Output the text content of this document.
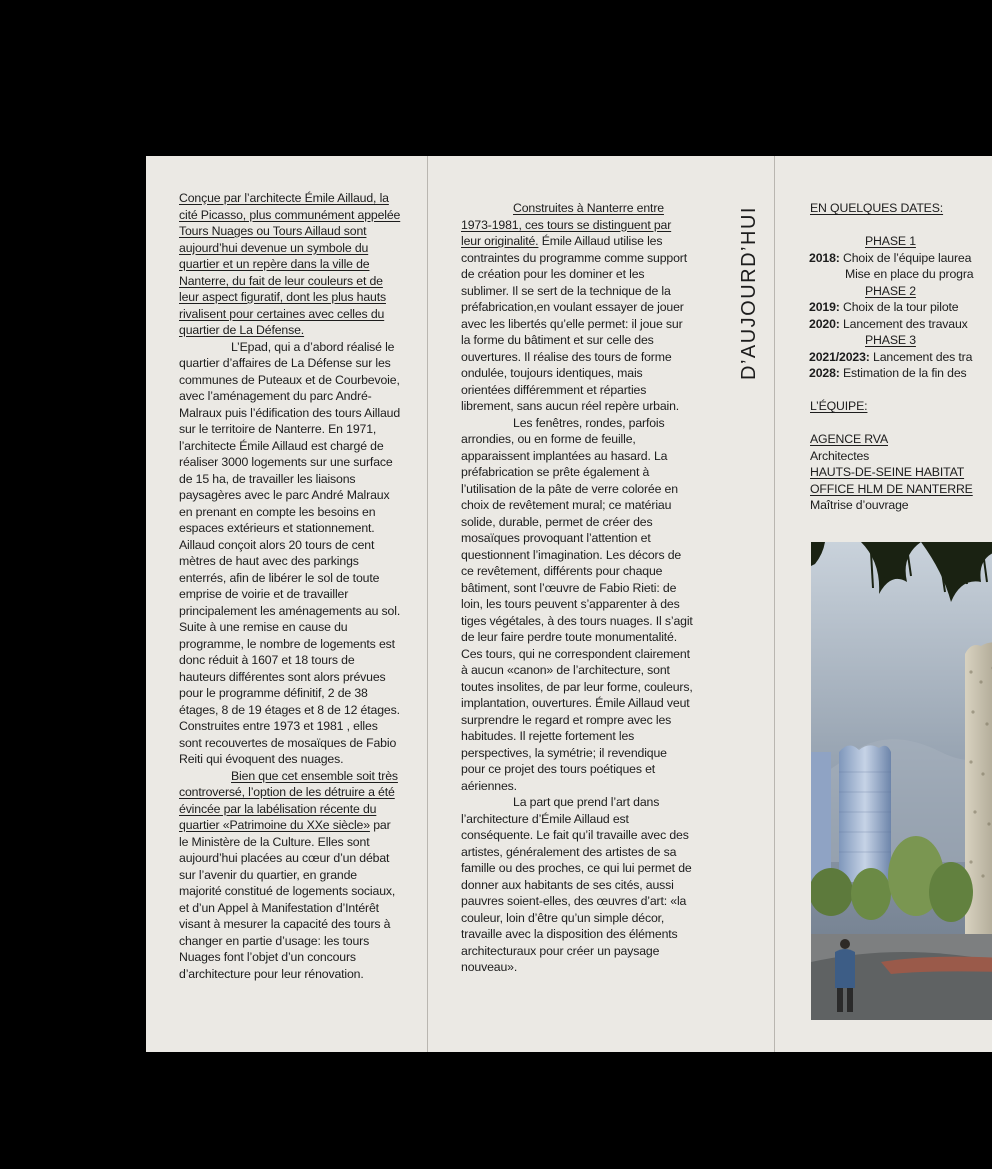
Conçue par l’architecte Émile Aillaud, la cité Picasso, plus communément appelée Tours Nuages ou Tours Aillaud sont aujourd’hui devenue un symbole du quartier et un repère dans la ville de Nanterre, du fait de leur couleurs et de leur aspect figuratif, dont les plus hauts rivalisent pour certaines avec celles du quartier de La Défense.

L’Epad, qui a d’abord réalisé le quartier d’affaires de La Défense sur les communes de Puteaux et de Courbevoie, avec l’aménagement du parc André-Malraux puis l’édification des tours Aillaud sur le territoire de Nanterre. En 1971, l’architecte Émile Aillaud est chargé de réaliser 3000 logements sur une surface de 15 ha, de travailler les liaisons paysagères avec le parc André Malraux en prenant en compte les besoins en espaces extérieurs et stationnement. Aillaud conçoit alors 20 tours de cent mètres de haut avec des parkings enterrés, afin de libérer le sol de toute emprise de voirie et de travailler principalement les aménagements au sol. Suite à une remise en cause du programme, le nombre de logements est donc réduit à 1607 et 18 tours de hauteurs différentes sont alors prévues pour le programme définitif, 2 de 38 étages, 8 de 19 étages et 8 de 12 étages. Construites entre 1973 et 1981 , elles sont recouvertes de mosaïques de Fabio Reiti qui évoquent des nuages.

Bien que cet ensemble soit très controversé, l’option de les détruire a été évincée par la labélisation récente du quartier «Patrimoine du XXe siècle» par le Ministère de la Culture. Elles sont aujourd’hui placées au cœur d’un débat sur l’avenir du quartier, en grande majorité constitué de logements sociaux, et d’un Appel à Manifestation d’Intérêt visant à mesurer la capacité des tours à changer en partie d’usage: les tours Nuages font l’objet d’un concours d’architecture pour leur rénovation.

Construites à Nanterre entre 1973-1981, ces tours se distinguent par leur originalité. Émile Aillaud utilise les contraintes du programme comme support de création pour les dominer et les sublimer. Il se sert de la technique de la préfabrication,en voulant essayer de jouer avec les libertés qu’elle permet: il joue sur la forme du bâtiment et sur celle des ouvertures. Il réalise des tours de forme ondulée, toujours identiques, mais orientées différemment et réparties librement, sans aucun réel repère urbain.

Les fenêtres, rondes, parfois arrondies, ou en forme de feuille, apparaissent implantées au hasard. La préfabrication se prête également à l’utilisation de la pâte de verre colorée en choix de revêtement mural; ce matériau solide, durable, permet de créer des mosaïques provoquant l’attention et questionnent l’imagination. Les décors de ce revêtement, différents pour chaque bâtiment, sont l’œuvre de Fabio Rieti: de loin, les tours peuvent s’apparenter à des tiges végétales, à des tours nuages. Il s’agit de leur faire perdre toute monumentalité. Ces tours, qui ne correspondent clairement à aucun «canon» de l’architecture, sont toutes insolites, de par leur forme, couleurs, implantation, ouvertures. Émile Aillaud veut surprendre le regard et rompre avec les habitudes. Il rejette fortement les perspectives, la symétrie; il revendique pour ce projet des tours poétiques et aériennes.

La part que prend l’art dans l’architecture d’Émile Aillaud est conséquente. Le fait qu’il travaille avec des artistes, généralement des artistes de sa famille ou des proches, ce qui lui permet de donner aux habitants de ses cités, aussi pauvres soient-elles, des œuvres d’art: «la couleur, loin d’être qu’un simple décor, travaille avec la disposition des éléments architecturaux pour créer un paysage nouveau».

D’AUJOURD’HUI	EN QUELQUES DATES:
PHASE 1
2018: Choix de l’équipe laurea
Mise en place du progra
PHASE 2
2019: Choix de la tour pilote
2020: Lancement des travaux
PHASE 3
2021/2023: Lancement des tra
2028: Estimation de la fin des
L’ÉQUIPE:
AGENCE RVA
Architectes
HAUTS-DE-SEINE HABITAT
OFFICE HLM DE NANTERRE
Maîtrise d’ouvrage
